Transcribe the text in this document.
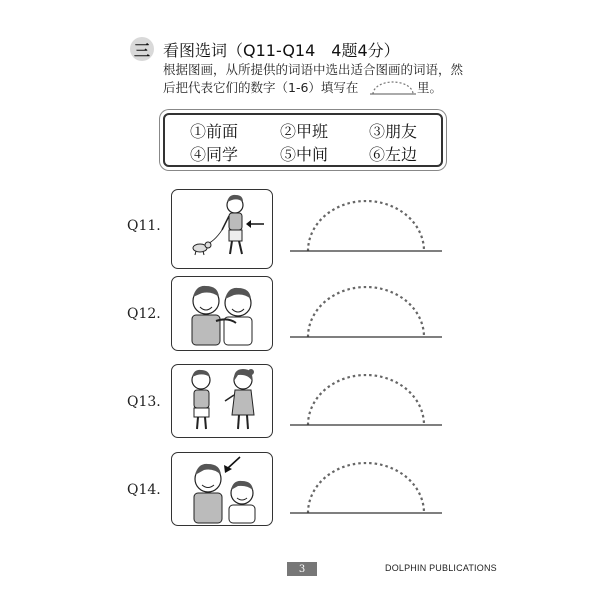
三 看图选词（Q11-Q14　4题4分）
根据图画，从所提供的词语中选出适合图画的词语，然
后把代表它们的数字（1-6）填写在	里。
①前面	②甲班	③朋友
④同学	⑤中间	⑥左边
Q11.
Q12.
Q13.
Q14.
3	DOLPHIN PUBLICATIONS
